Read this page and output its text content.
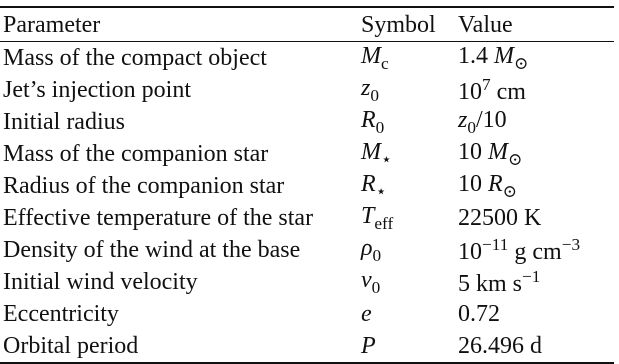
Parameter	Symbol	Value
Mass of the compact object	$M_c$	1.4 $M_⊙$
Jet’s injection point	$z_0$	$10^7$ cm
Initial radius	$R_0$	$z_0/10$
Mass of the companion star	$M_⋆$	10 $M_⊙$
Radius of the companion star	$R_⋆$	10 $R_⊙$
Effective temperature of the star	$T_{eff}$	22500 K
Density of the wind at the base	$\rho_0$	$10^{-11}$ g $cm^{-3}$
Initial wind velocity	$v_0$	5 km $s^{-1}$
Eccentricity	e	0.72
Orbital period	P	26.496 d
